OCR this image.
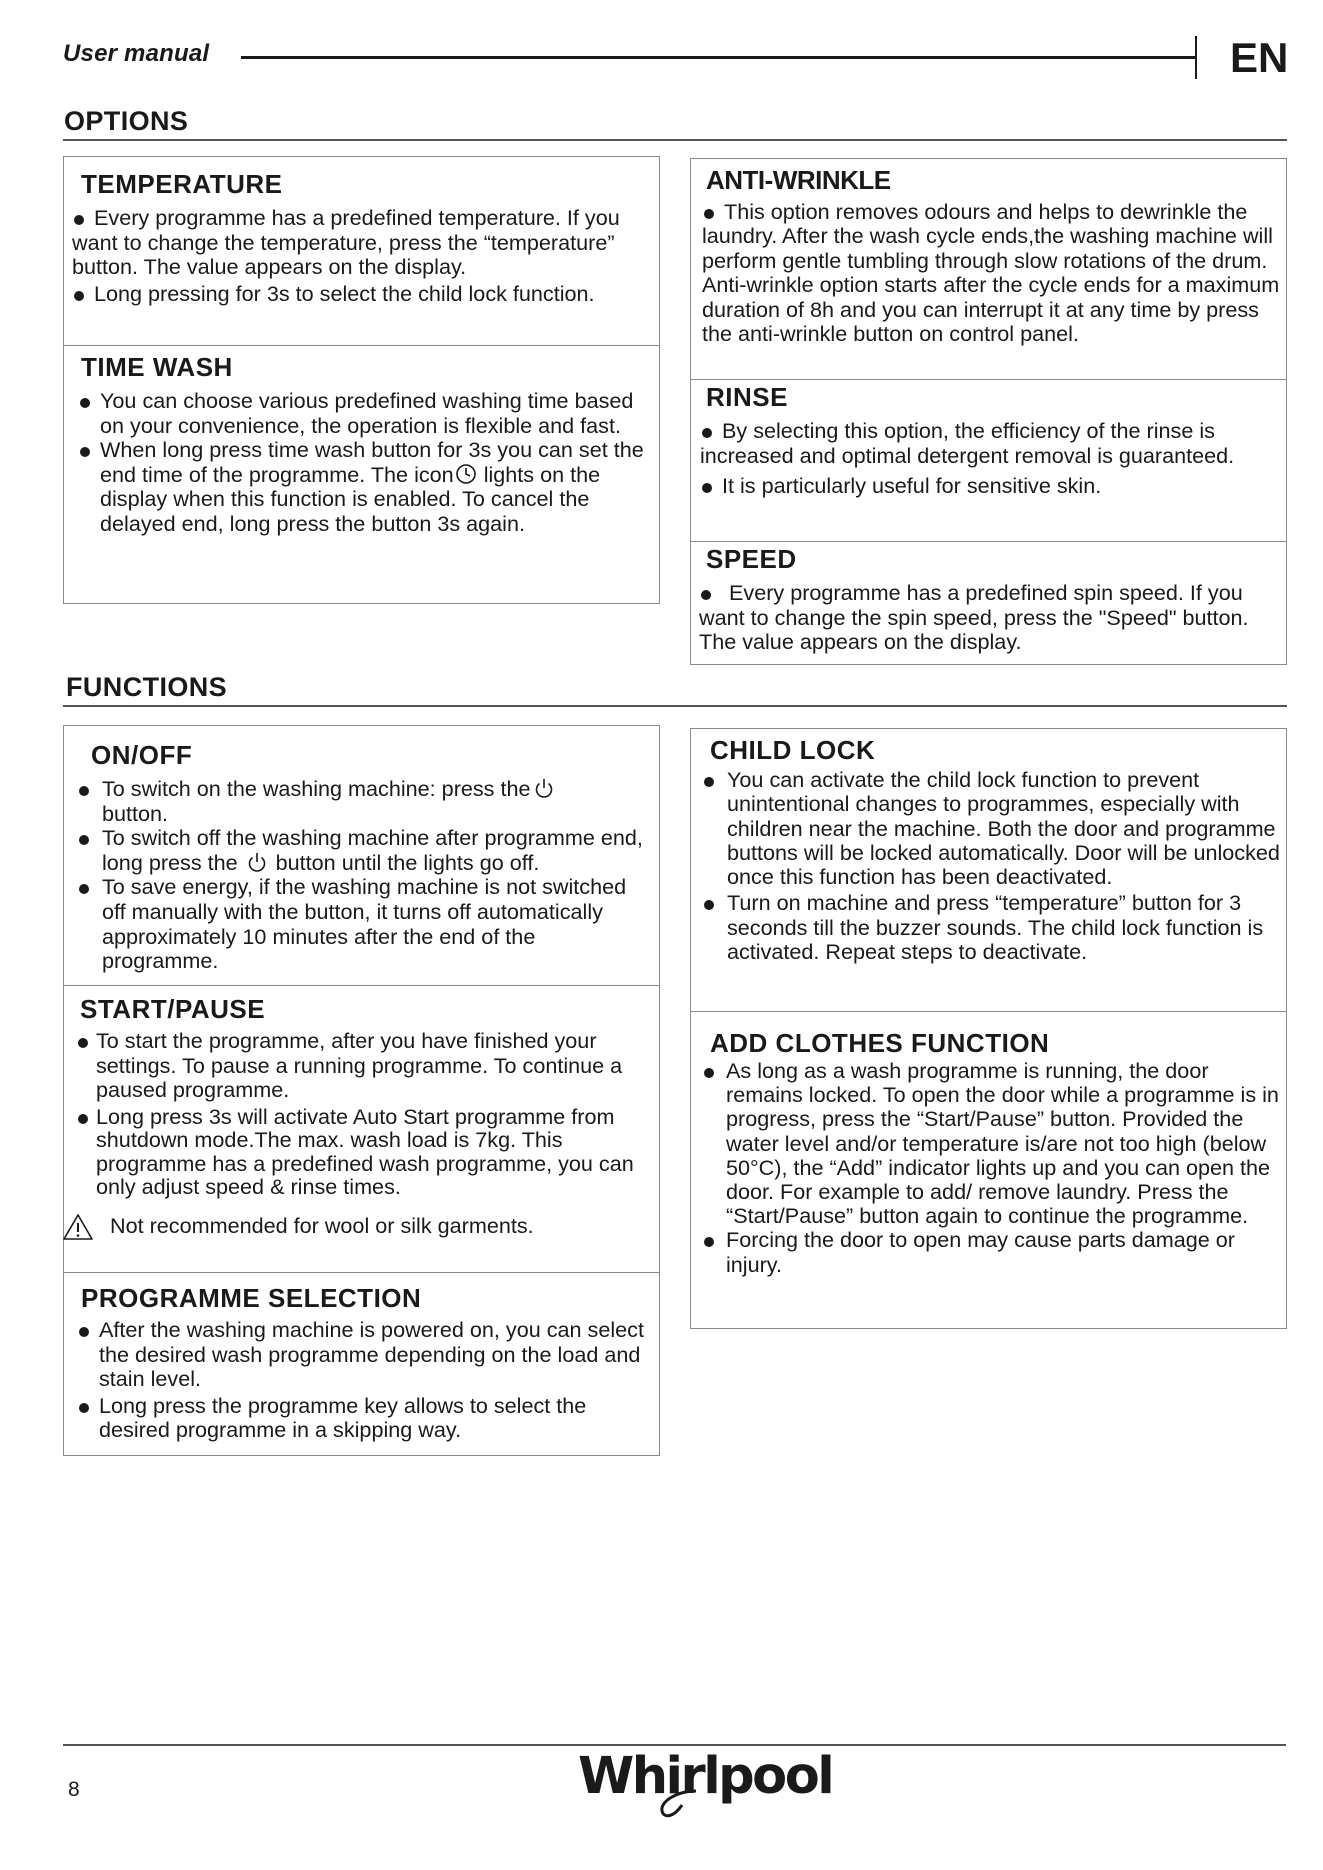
User manual	EN
OPTIONS
TEMPERATURE

Every programme has a predefined temperature. If you want to change the temperature, press the “temperature” button. The value appears on the display.

Long pressing for 3s to select the child lock function.

TIME WASH

You can choose various predefined washing time based on your convenience, the operation is flexible and fast.

When long press time wash button for 3s you can set the end time of the programme. The icon lights on the display when this function is enabled. To cancel the delayed end, long press the button 3s again.

ANTI-WRINKLE

This option removes odours and helps to dewrinkle the laundry. After the wash cycle ends,the washing machine will perform gentle tumbling through slow rotations of the drum. Anti-wrinkle option starts after the cycle ends for a maximum duration of 8h and you can interrupt it at any time by press the anti-wrinkle button on control panel.

RINSE

By selecting this option, the efficiency of the rinse is increased and optimal detergent removal is guaranteed.

It is particularly useful for sensitive skin.

SPEED

Every programme has a predefined spin speed. If you want to change the spin speed, press the "Speed" button. The value appears on the display.

FUNCTIONS
ON/OFF

To switch on the washing machine: press the
button.

To switch off the washing machine after programme end, long press the button until the lights go off.

To save energy, if the washing machine is not switched off manually with the button, it turns off automatically approximately 10 minutes after the end of the programme.

START/PAUSE

To start the programme, after you have finished your settings. To pause a running programme. To continue a paused programme.

Long press 3s will activate Auto Start programme from shutdown mode.The max. wash load is 7kg. This programme has a predefined wash programme, you can only adjust speed & rinse times.

Not recommended for wool or silk garments.

PROGRAMME SELECTION

After the washing machine is powered on, you can select the desired wash programme depending on the load and stain level.

Long press the programme key allows to select the desired programme in a skipping way.

CHILD LOCK

You can activate the child lock function to prevent unintentional changes to programmes, especially with children near the machine. Both the door and programme buttons will be locked automatically. Door will be unlocked once this function has been deactivated.

Turn on machine and press “temperature” button for 3 seconds till the buzzer sounds. The child lock function is activated. Repeat steps to deactivate.

ADD CLOTHES FUNCTION

As long as a wash programme is running, the door remains locked. To open the door while a programme is in progress, press the “Start/Pause” button. Provided the water level and/or temperature is/are not too high (below 50°C), the “Add” indicator lights up and you can open the door. For example to add/ remove laundry. Press the “Start/Pause” button again to continue the programme.

Forcing the door to open may cause parts damage or injury.

8	Whirlpool
